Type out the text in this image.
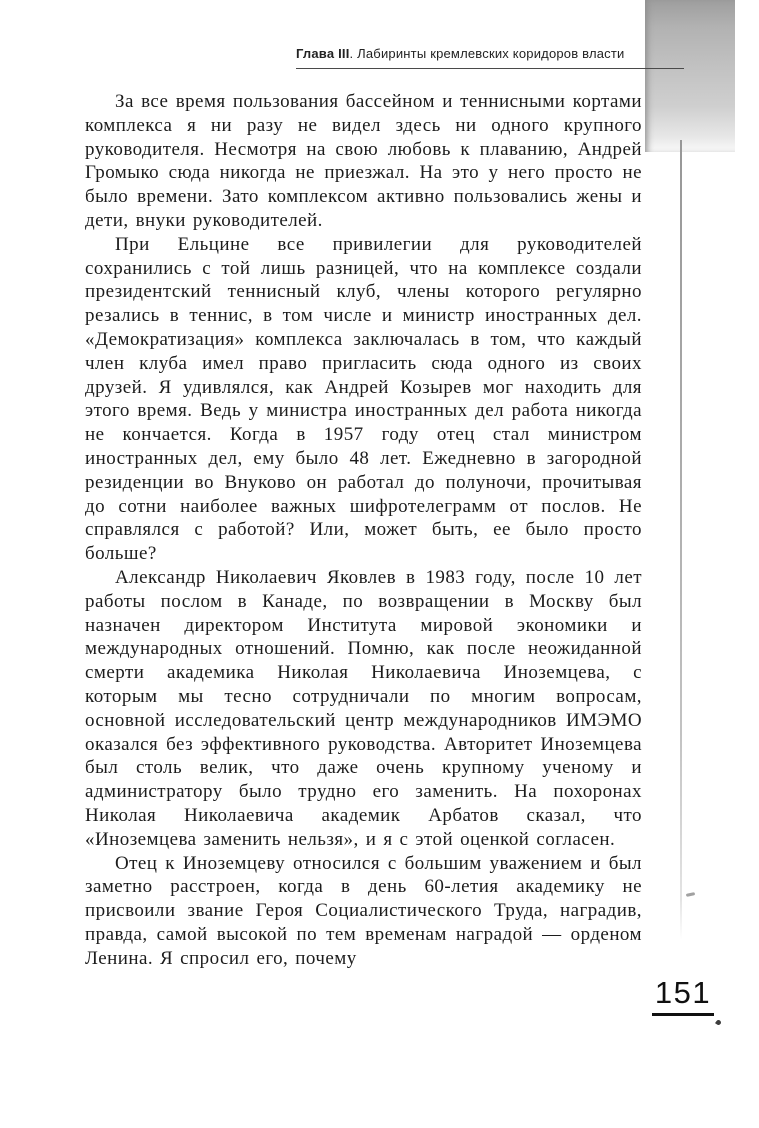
Глава III. Лабиринты кремлевских коридоров власти

За все время пользования бассейном и теннисными кортами комплекса я ни разу не видел здесь ни одного крупного руководителя. Несмотря на свою любовь к плаванию, Андрей Громыко сюда никогда не приезжал. На это у него просто не было времени. Зато комплексом активно пользовались жены и дети, внуки руководителей.

При Ельцине все привилегии для руководителей сохранились с той лишь разницей, что на комплексе создали президентский теннисный клуб, члены которого регулярно резались в теннис, в том числе и министр иностранных дел. «Демократизация» комплекса заключалась в том, что каждый член клуба имел право пригласить сюда одного из своих друзей. Я удивлялся, как Андрей Козырев мог находить для этого время. Ведь у министра иностранных дел работа никогда не кончается. Когда в 1957 году отец стал министром иностранных дел, ему было 48 лет. Ежедневно в загородной резиденции во Внуково он работал до полуночи, прочитывая до сотни наиболее важных шифротелеграмм от послов. Не справлялся с работой? Или, может быть, ее было просто больше?

Александр Николаевич Яковлев в 1983 году, после 10 лет работы послом в Канаде, по возвращении в Москву был назначен директором Института мировой экономики и международных отношений. Помню, как после неожиданной смерти академика Николая Николаевича Иноземцева, с которым мы тесно сотрудничали по многим вопросам, основной исследовательский центр международников ИМЭМО оказался без эффективного руководства. Авторитет Иноземцева был столь велик, что даже очень крупному ученому и администратору было трудно его заменить. На похоронах Николая Николаевича академик Арбатов сказал, что «Иноземцева заменить нельзя», и я с этой оценкой согласен.

Отец к Иноземцеву относился с большим уважением и был заметно расстроен, когда в день 60-летия академику не присвоили звание Героя Социалистического Труда, наградив, правда, самой высокой по тем временам наградой — орденом Ленина. Я спросил его, почему

151
